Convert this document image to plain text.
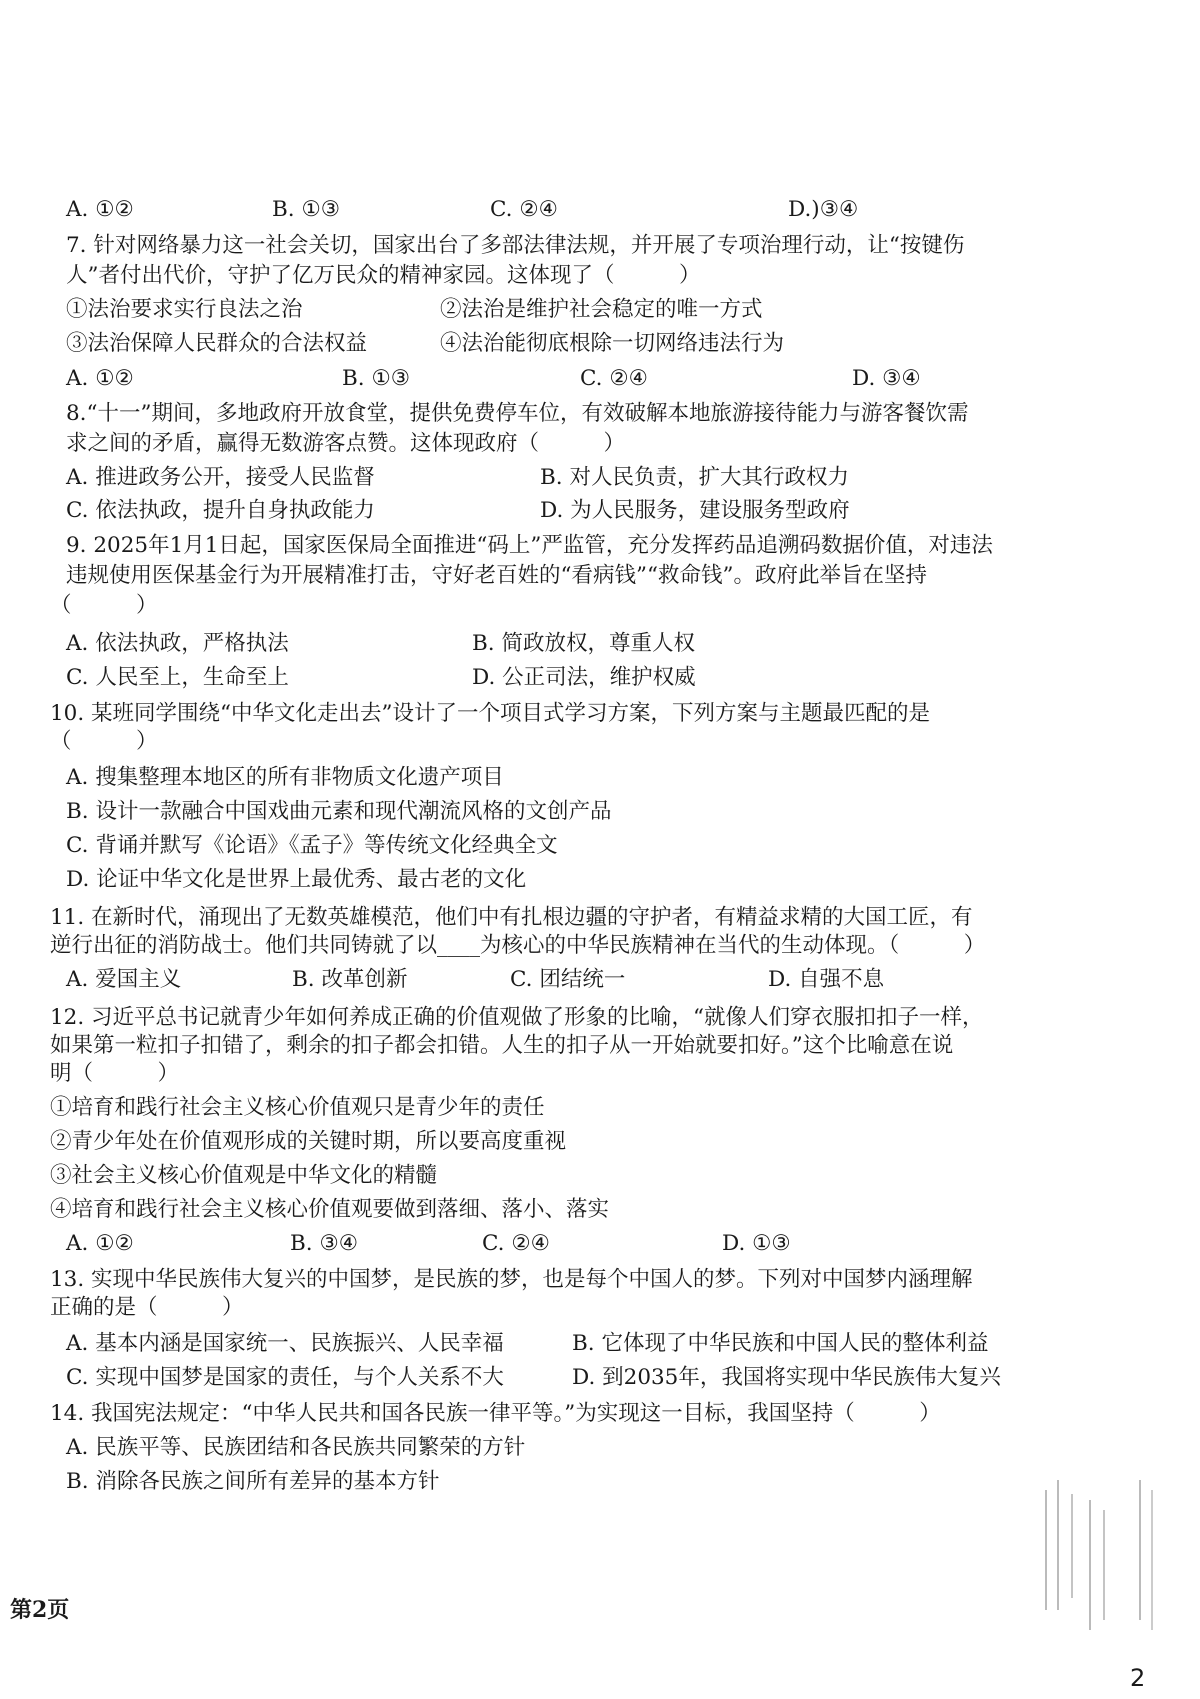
A. ①②	B. ①③	C. ②④	D.)③④
7. 针对网络暴力这一社会关切，国家出台了多部法律法规，并开展了专项治理行动，让“按键伤
人”者付出代价，守护了亿万民众的精神家园。这体现了（　　　）
①法治要求实行良法之治	②法治是维护社会稳定的唯一方式
③法治保障人民群众的合法权益	④法治能彻底根除一切网络违法行为
A. ①②	B. ①③	C. ②④	D. ③④
8.“十一”期间，多地政府开放食堂，提供免费停车位，有效破解本地旅游接待能力与游客餐饮需
求之间的矛盾，赢得无数游客点赞。这体现政府（　　　）
A. 推进政务公开，接受人民监督	B. 对人民负责，扩大其行政权力
C. 依法执政，提升自身执政能力	D. 为人民服务，建设服务型政府
9. 2025年1月1日起，国家医保局全面推进“码上”严监管，充分发挥药品追溯码数据价值，对违法
违规使用医保基金行为开展精准打击，守好老百姓的“看病钱”“救命钱”。政府此举旨在坚持
（　　　）
A. 依法执政，严格执法	B. 简政放权，尊重人权
C. 人民至上，生命至上	D. 公正司法，维护权威
10. 某班同学围绕“中华文化走出去”设计了一个项目式学习方案，下列方案与主题最匹配的是
（　　　）
A. 搜集整理本地区的所有非物质文化遗产项目
B. 设计一款融合中国戏曲元素和现代潮流风格的文创产品
C. 背诵并默写《论语》《孟子》等传统文化经典全文
D. 论证中华文化是世界上最优秀、最古老的文化
11. 在新时代，涌现出了无数英雄模范，他们中有扎根边疆的守护者，有精益求精的大国工匠，有
逆行出征的消防战士。他们共同铸就了以____为核心的中华民族精神在当代的生动体现。（　　　）
A. 爱国主义	B. 改革创新	C. 团结统一	D. 自强不息
12. 习近平总书记就青少年如何养成正确的价值观做了形象的比喻，“就像人们穿衣服扣扣子一样，
如果第一粒扣子扣错了，剩余的扣子都会扣错。人生的扣子从一开始就要扣好。”这个比喻意在说
明（　　　）
①培育和践行社会主义核心价值观只是青少年的责任
②青少年处在价值观形成的关键时期，所以要高度重视
③社会主义核心价值观是中华文化的精髓
④培育和践行社会主义核心价值观要做到落细、落小、落实
A. ①②	B. ③④	C. ②④	D. ①③
13. 实现中华民族伟大复兴的中国梦，是民族的梦，也是每个中国人的梦。下列对中国梦内涵理解
正确的是（　　　）
A. 基本内涵是国家统一、民族振兴、人民幸福	B. 它体现了中华民族和中国人民的整体利益
C. 实现中国梦是国家的责任，与个人关系不大	D. 到2035年，我国将实现中华民族伟大复兴
14. 我国宪法规定：“中华人民共和国各民族一律平等。”为实现这一目标，我国坚持（　　　）
A. 民族平等、民族团结和各民族共同繁荣的方针
B. 消除各民族之间所有差异的基本方针
第2页
2
